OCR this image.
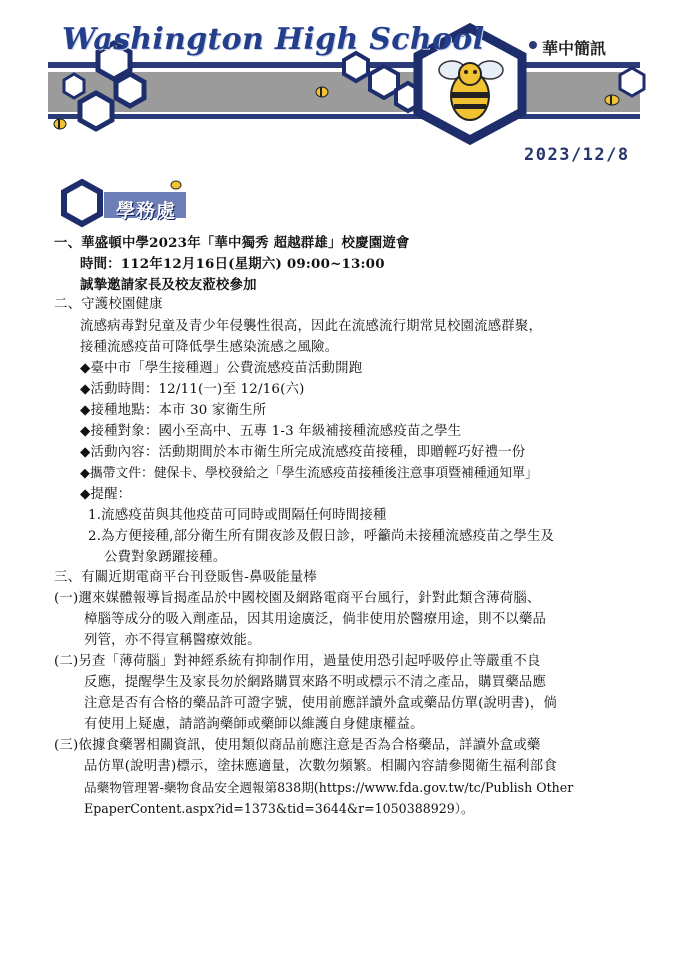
Washington High School	華中簡訊
2023/12/8
學務處
一、華盛頓中學2023年「華中獨秀 超越群雄」校慶園遊會
時間：112年12月16日(星期六) 09:00~13:00
誠摯邀請家長及校友蒞校參加
二、守護校園健康
流感病毒對兒童及青少年侵襲性很高，因此在流感流行期常見校園流感群聚，
接種流感疫苗可降低學生感染流感之風險。
◆臺中市「學生接種週」公費流感疫苗活動開跑
◆活動時間：12/11(一)至 12/16(六)
◆接種地點：本市 30 家衛生所
◆接種對象：國小至高中、五專 1-3 年級補接種流感疫苗之學生
◆活動內容：活動期間於本市衛生所完成流感疫苗接種，即贈輕巧好禮一份
◆攜帶文件：健保卡、學校發給之「學生流感疫苗接種後注意事項暨補種通知單」
◆提醒：
1.流感疫苗與其他疫苗可同時或間隔任何時間接種
2.為方便接種,部分衛生所有開夜診及假日診，呼籲尚未接種流感疫苗之學生及
公費對象踴躍接種。
三、有關近期電商平台刊登販售-鼻吸能量棒
(一)邇來媒體報導旨揭產品於中國校園及網路電商平台風行，針對此類含薄荷腦、
樟腦等成分的吸入劑產品，因其用途廣泛，倘非使用於醫療用途，則不以藥品
列管，亦不得宣稱醫療效能。
(二)另查「薄荷腦」對神經系統有抑制作用，過量使用恐引起呼吸停止等嚴重不良
反應，提醒學生及家長勿於網路購買來路不明或標示不清之產品，購買藥品應
注意是否有合格的藥品許可證字號，使用前應詳讀外盒或藥品仿單(說明書)，倘
有使用上疑慮，請諮詢藥師或藥師以維護自身健康權益。
(三)依據食藥署相關資訊，使用類似商品前應注意是否為合格藥品，詳讀外盒或藥
品仿單(說明書)標示，塗抹應適量，次數勿頻繁。相關內容請參閱衛生福利部食
品藥物管理署-藥物食品安全週報第838期(https://www.fda.gov.tw/tc/Publish Other
EpaperContent.aspx?id=1373&tid=3644&r=1050388929）。
